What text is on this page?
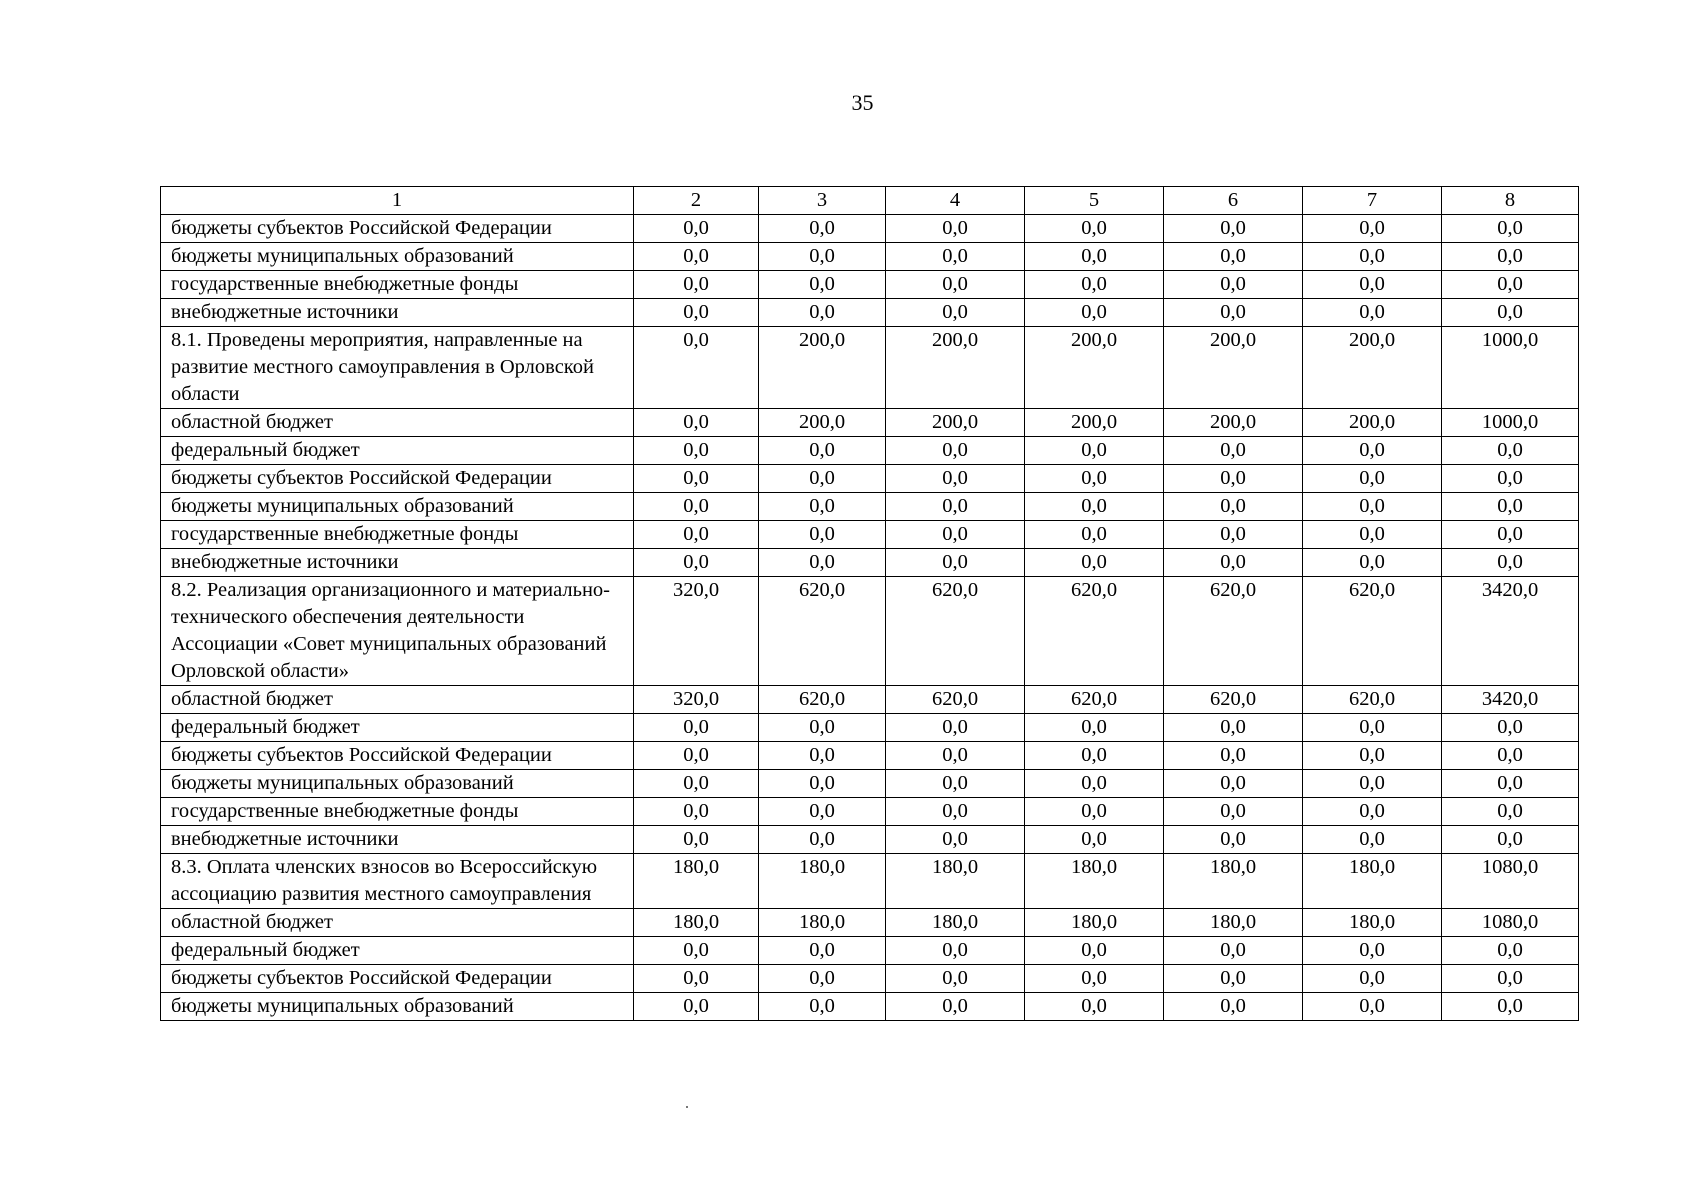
35
1	2	3	4	5	6	7	8
бюджеты субъектов Российской Федерации	0,0	0,0	0,0	0,0	0,0	0,0	0,0
бюджеты муниципальных образований	0,0	0,0	0,0	0,0	0,0	0,0	0,0
государственные внебюджетные фонды	0,0	0,0	0,0	0,0	0,0	0,0	0,0
внебюджетные источники	0,0	0,0	0,0	0,0	0,0	0,0	0,0
8.1. Проведены мероприятия, направленные на развитие местного самоуправления в Орловской области	0,0	200,0	200,0	200,0	200,0	200,0	1000,0
областной бюджет	0,0	200,0	200,0	200,0	200,0	200,0	1000,0
федеральный бюджет	0,0	0,0	0,0	0,0	0,0	0,0	0,0
бюджеты субъектов Российской Федерации	0,0	0,0	0,0	0,0	0,0	0,0	0,0
бюджеты муниципальных образований	0,0	0,0	0,0	0,0	0,0	0,0	0,0
государственные внебюджетные фонды	0,0	0,0	0,0	0,0	0,0	0,0	0,0
внебюджетные источники	0,0	0,0	0,0	0,0	0,0	0,0	0,0
8.2. Реализация организационного и материально-технического обеспечения деятельности Ассоциации «Совет муниципальных образований Орловской области»	320,0	620,0	620,0	620,0	620,0	620,0	3420,0
областной бюджет	320,0	620,0	620,0	620,0	620,0	620,0	3420,0
федеральный бюджет	0,0	0,0	0,0	0,0	0,0	0,0	0,0
бюджеты субъектов Российской Федерации	0,0	0,0	0,0	0,0	0,0	0,0	0,0
бюджеты муниципальных образований	0,0	0,0	0,0	0,0	0,0	0,0	0,0
государственные внебюджетные фонды	0,0	0,0	0,0	0,0	0,0	0,0	0,0
внебюджетные источники	0,0	0,0	0,0	0,0	0,0	0,0	0,0
8.3. Оплата членских взносов во Всероссийскую ассоциацию развития местного самоуправления	180,0	180,0	180,0	180,0	180,0	180,0	1080,0
областной бюджет	180,0	180,0	180,0	180,0	180,0	180,0	1080,0
федеральный бюджет	0,0	0,0	0,0	0,0	0,0	0,0	0,0
бюджеты субъектов Российской Федерации	0,0	0,0	0,0	0,0	0,0	0,0	0,0
бюджеты муниципальных образований	0,0	0,0	0,0	0,0	0,0	0,0	0,0
